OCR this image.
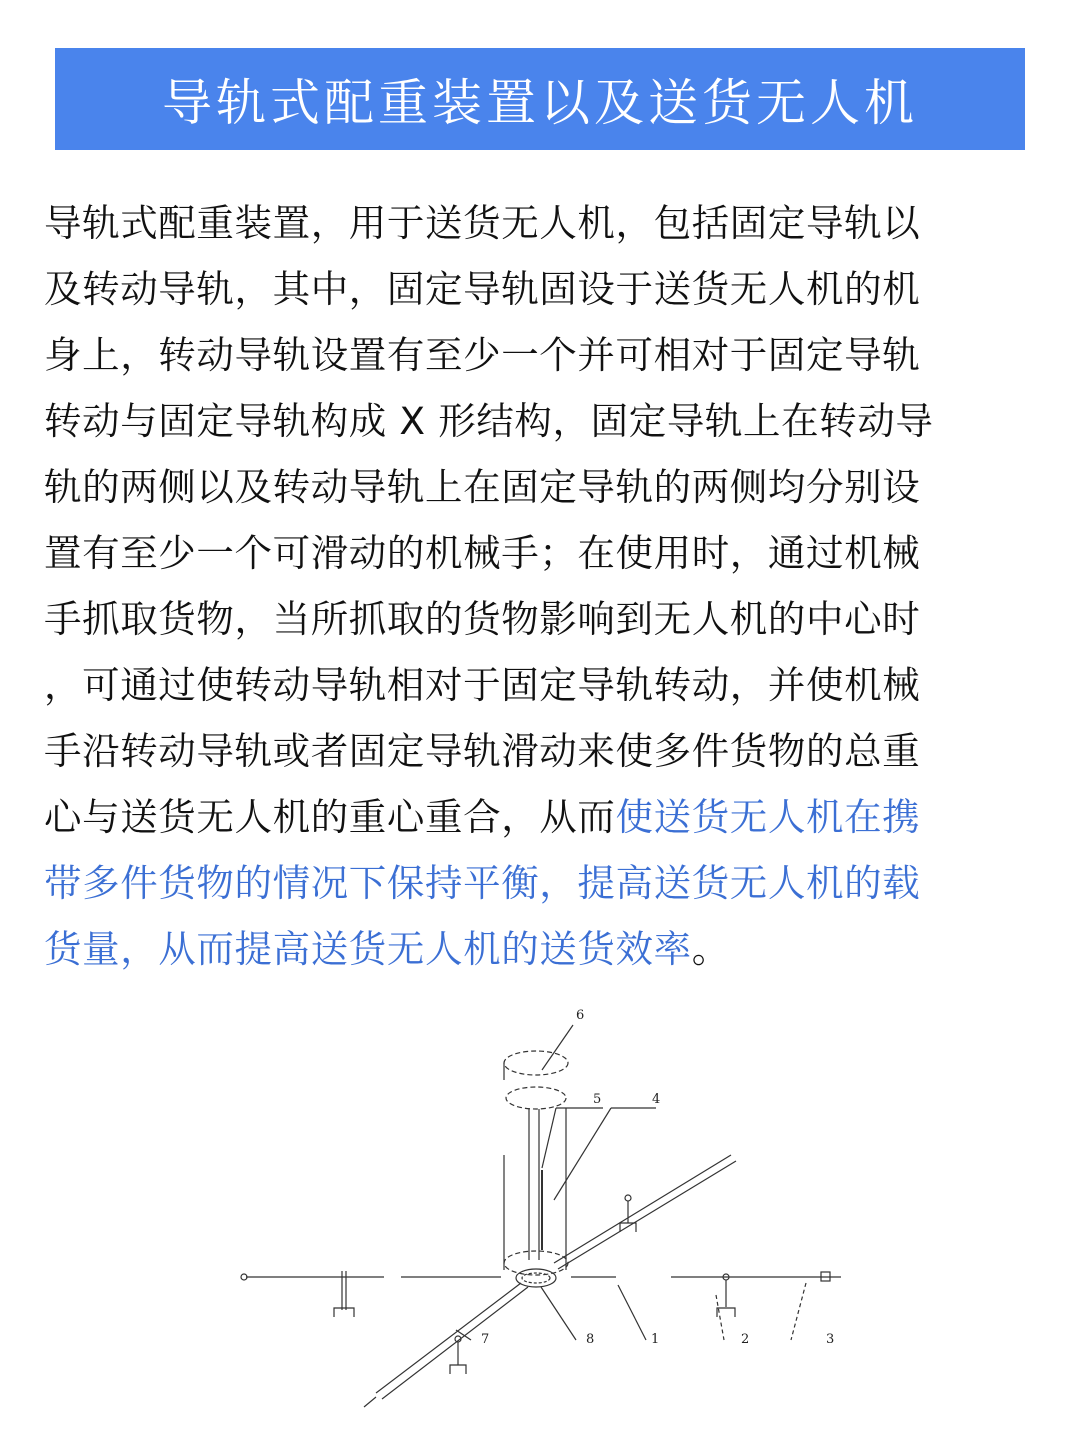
导轨式配重装置以及送货无人机
导轨式配重装置，用于送货无人机，包括固定导轨以
及转动导轨，其中，固定导轨固设于送货无人机的机
身上，转动导轨设置有至少一个并可相对于固定导轨
转动与固定导轨构成 X 形结构，固定导轨上在转动导
轨的两侧以及转动导轨上在固定导轨的两侧均分别设
置有至少一个可滑动的机械手；在使用时，通过机械
手抓取货物，当所抓取的货物影响到无人机的中心时
，可通过使转动导轨相对于固定导轨转动，并使机械
手沿转动导轨或者固定导轨滑动来使多件货物的总重
心与送货无人机的重心重合，从而使送货无人机在携
带多件货物的情况下保持平衡，提高送货无人机的载
货量，从而提高送货无人机的送货效率。
6
5	4
7	8	1	2	3
